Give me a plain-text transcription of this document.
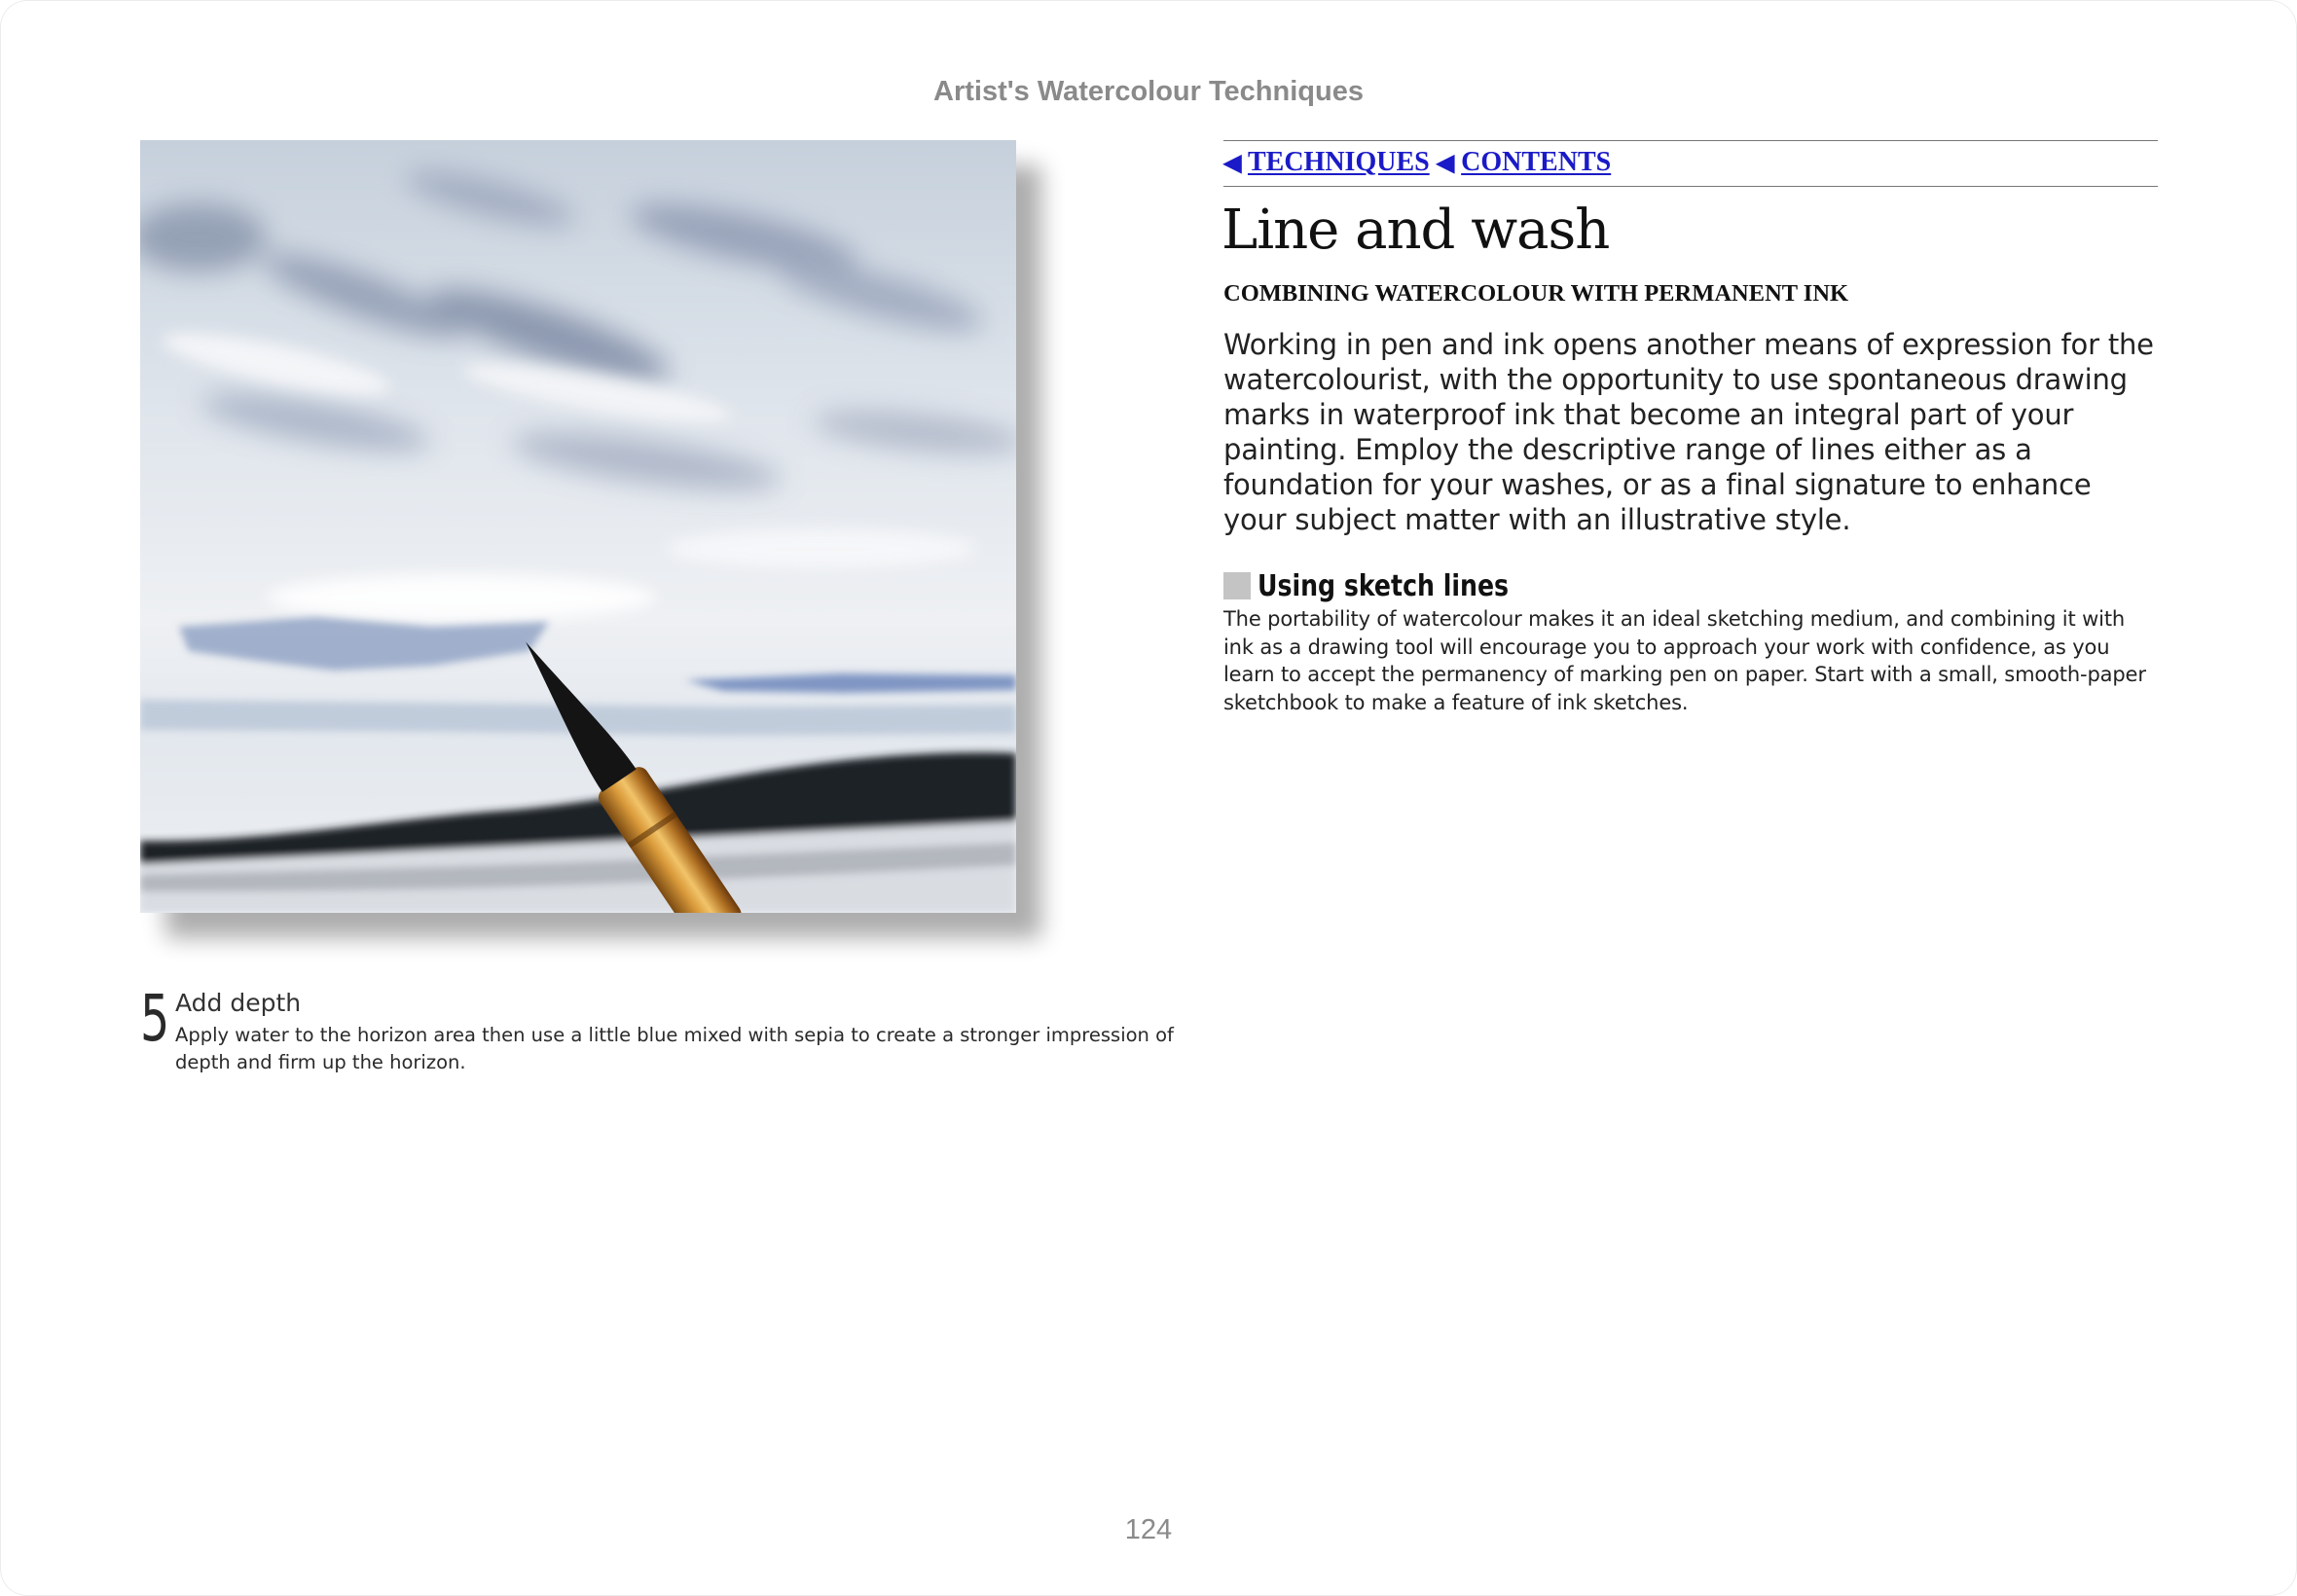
Artist's Watercolour Techniques
5 Add depth
Apply water to the horizon area then use a little blue mixed with sepia to create a stronger impression of depth and firm up the horizon.
◀ TECHNIQUES ◀ CONTENTS
Line and wash
COMBINING WATERCOLOUR WITH PERMANENT INK
Working in pen and ink opens another means of expression for the watercolourist, with the opportunity to use spontaneous drawing marks in waterproof ink that become an integral part of your painting. Employ the descriptive range of lines either as a foundation for your washes, or as a final signature to enhance your subject matter with an illustrative style.
Using sketch lines
The portability of watercolour makes it an ideal sketching medium, and combining it with ink as a drawing tool will encourage you to approach your work with confidence, as you learn to accept the permanency of marking pen on paper. Start with a small, smooth-paper sketchbook to make a feature of ink sketches.
124
